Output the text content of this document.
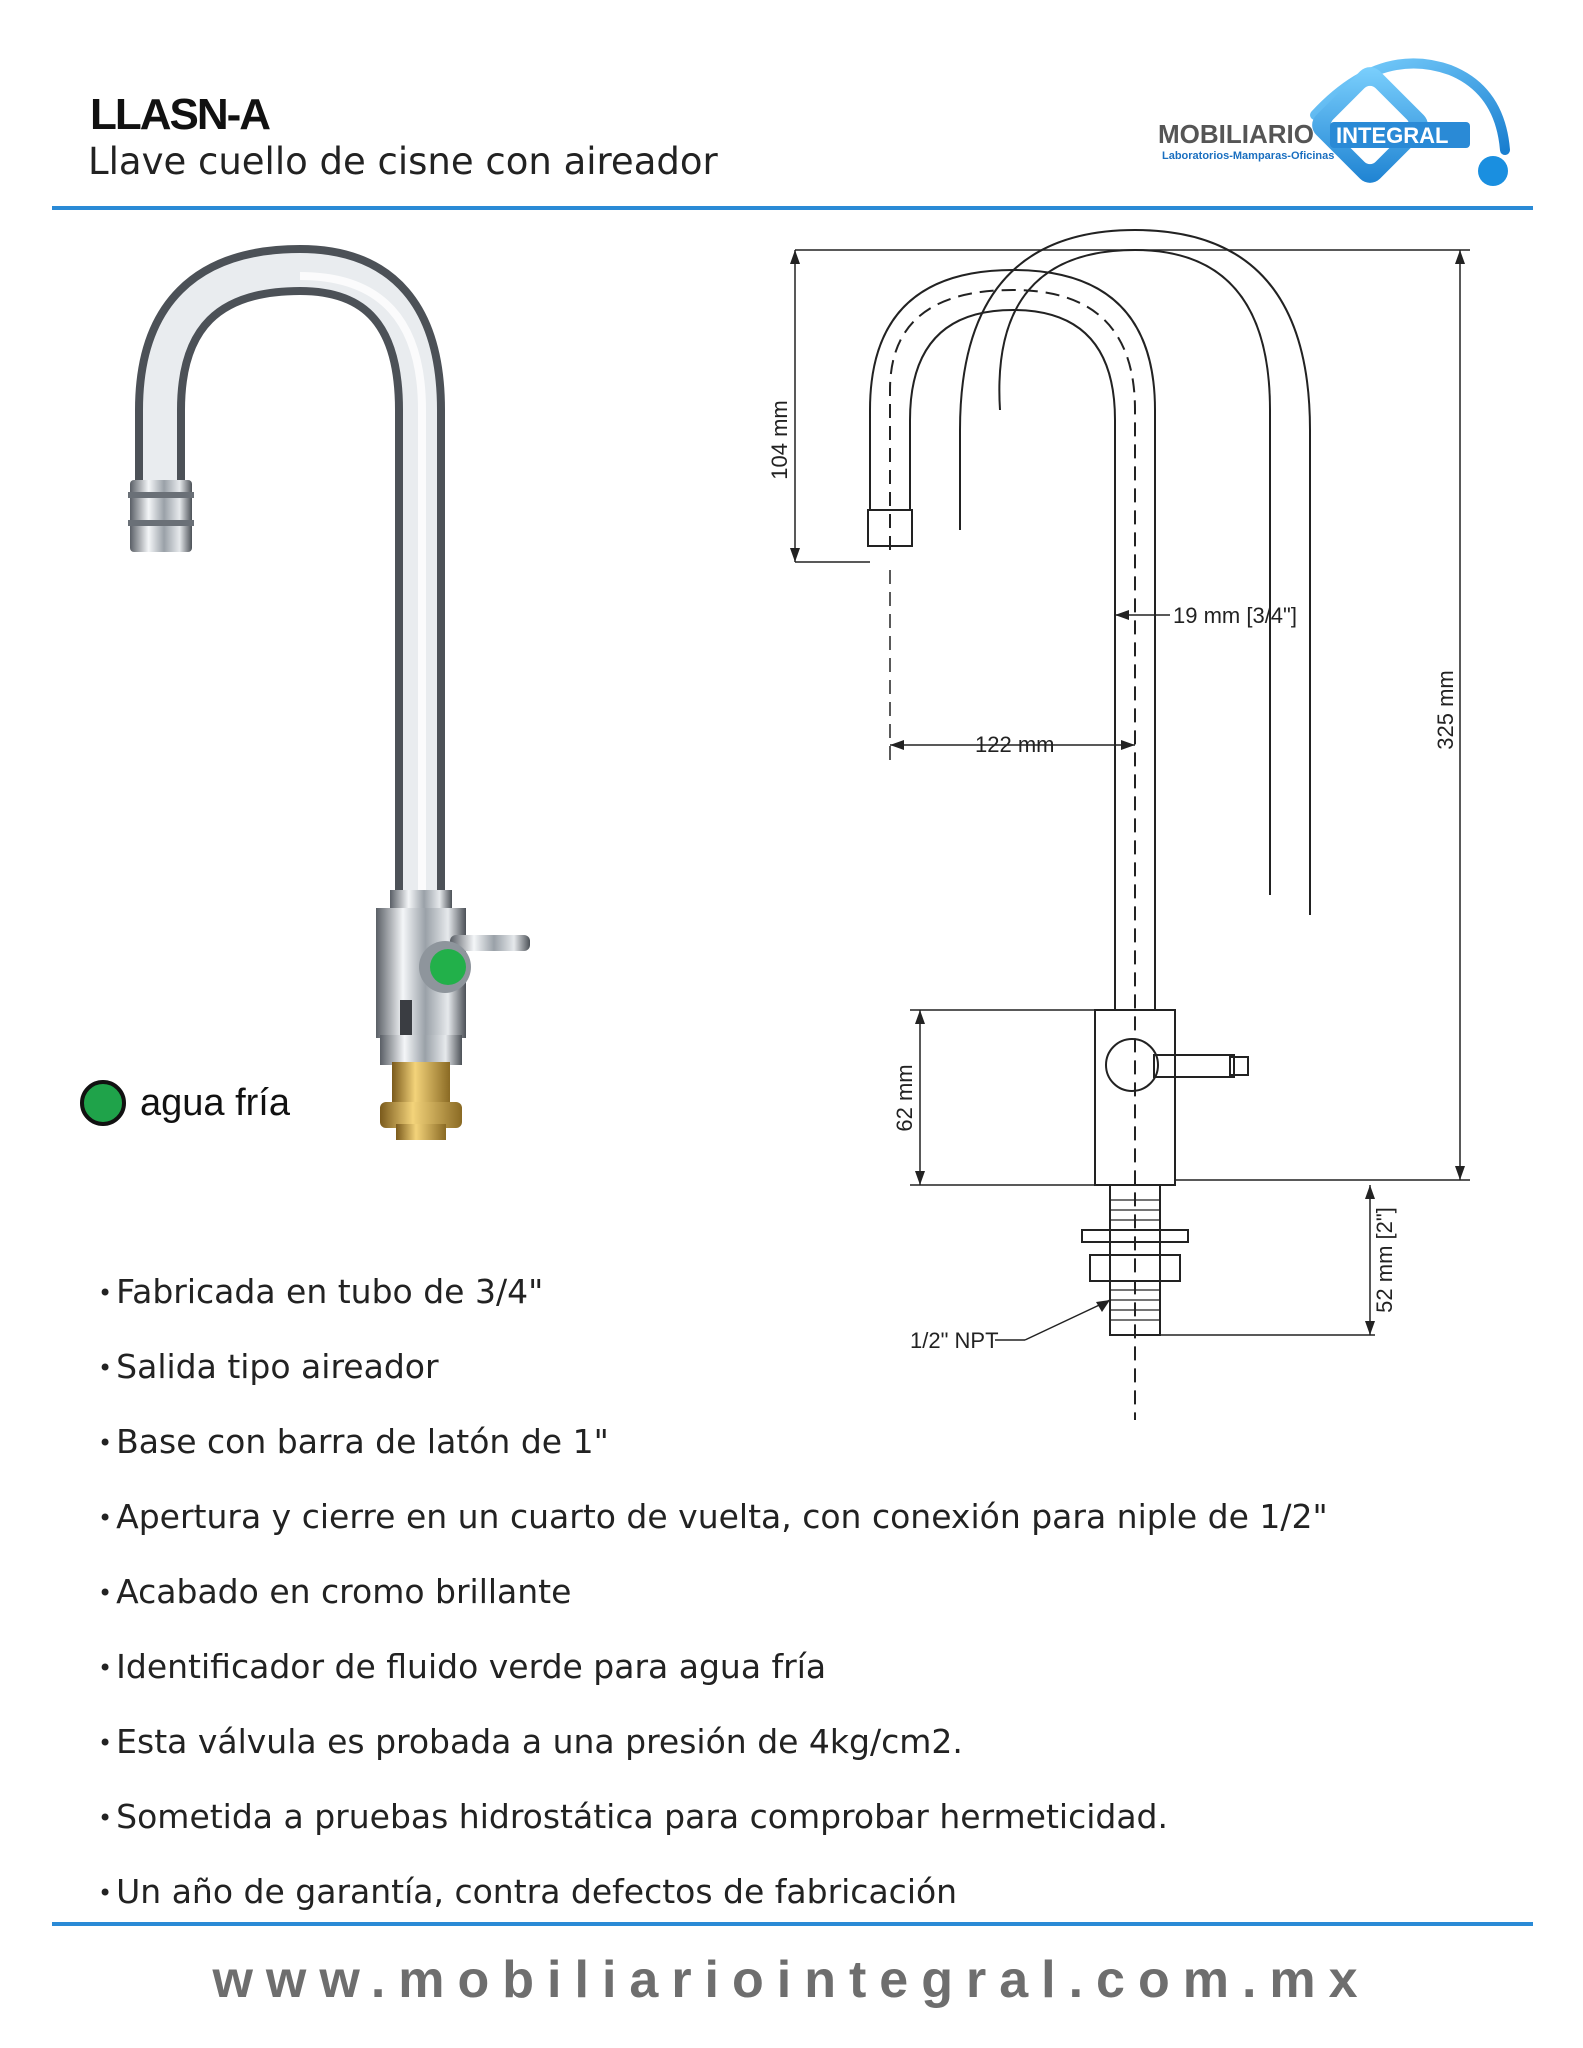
LLASN-A
Llave cuello de cisne con aireador
MOBILIARIO INTEGRAL
Laboratorios-Mamparas-Oficinas
agua fría
104 mm
19 mm [3/4"]
122 mm	325 mm
62 mm
52 mm [2"]
1/2" NPT
• Fabricada en tubo de 3/4"
• Salida tipo aireador
• Base con barra de latón de 1"
• Apertura y cierre en un cuarto de vuelta, con conexión para niple de 1/2"
• Acabado en cromo brillante
• Identificador de fluido verde para agua fría
• Esta válvula es probada a una presión de 4kg/cm2.
• Sometida a pruebas hidrostática para comprobar hermeticidad.
• Un año de garantía, contra defectos de fabricación
www.mobiliariointegral.com.mx
